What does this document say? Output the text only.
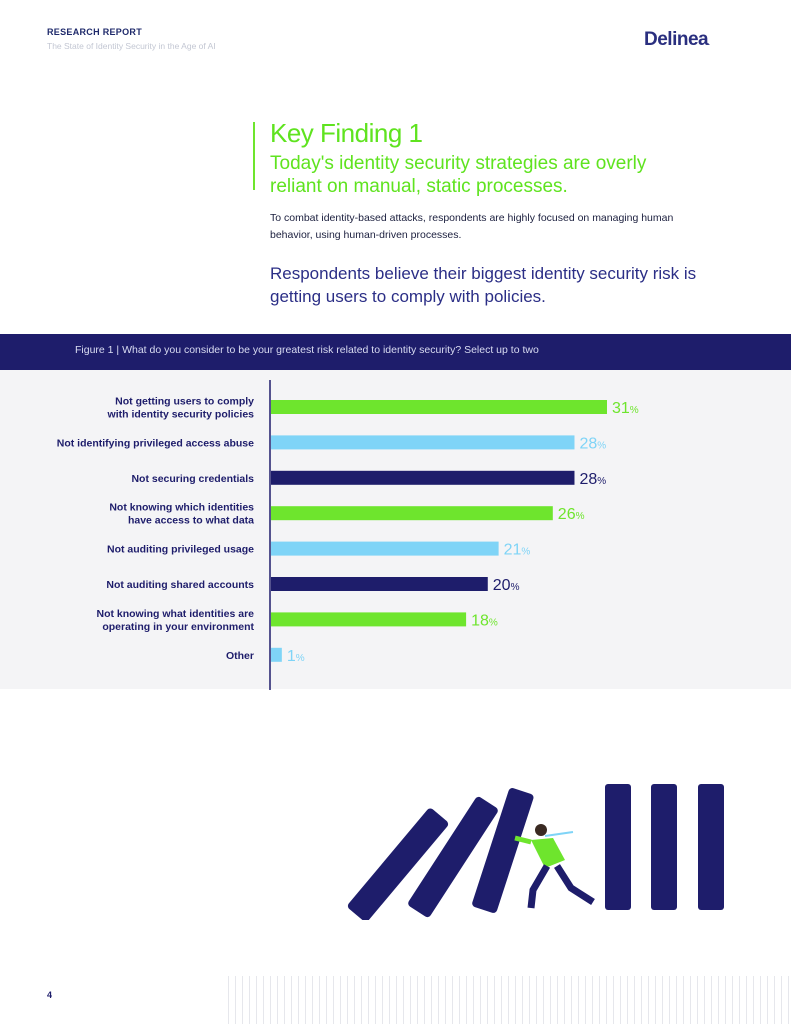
RESEARCH REPORT
The State of Identity Security in the Age of AI	Delinea.
Key Finding 1
Today's identity security strategies are overly reliant on manual, static processes.
To combat identity-based attacks, respondents are highly focused on managing human behavior, using human-driven processes.
Respondents believe their biggest identity security risk is getting users to comply with policies.
Figure 1 | What do you consider to be your greatest risk related to identity security? Select up to two
31%
Not getting users to comply with identity security policies
28%
Not identifying privileged access abuse
28%
Not securing credentials
26%
Not knowing which identities have access to what data
21%
Not auditing privileged usage
20%
Not auditing shared accounts
18%
Not knowing what identities are operating in your environment
1%
Other
4
